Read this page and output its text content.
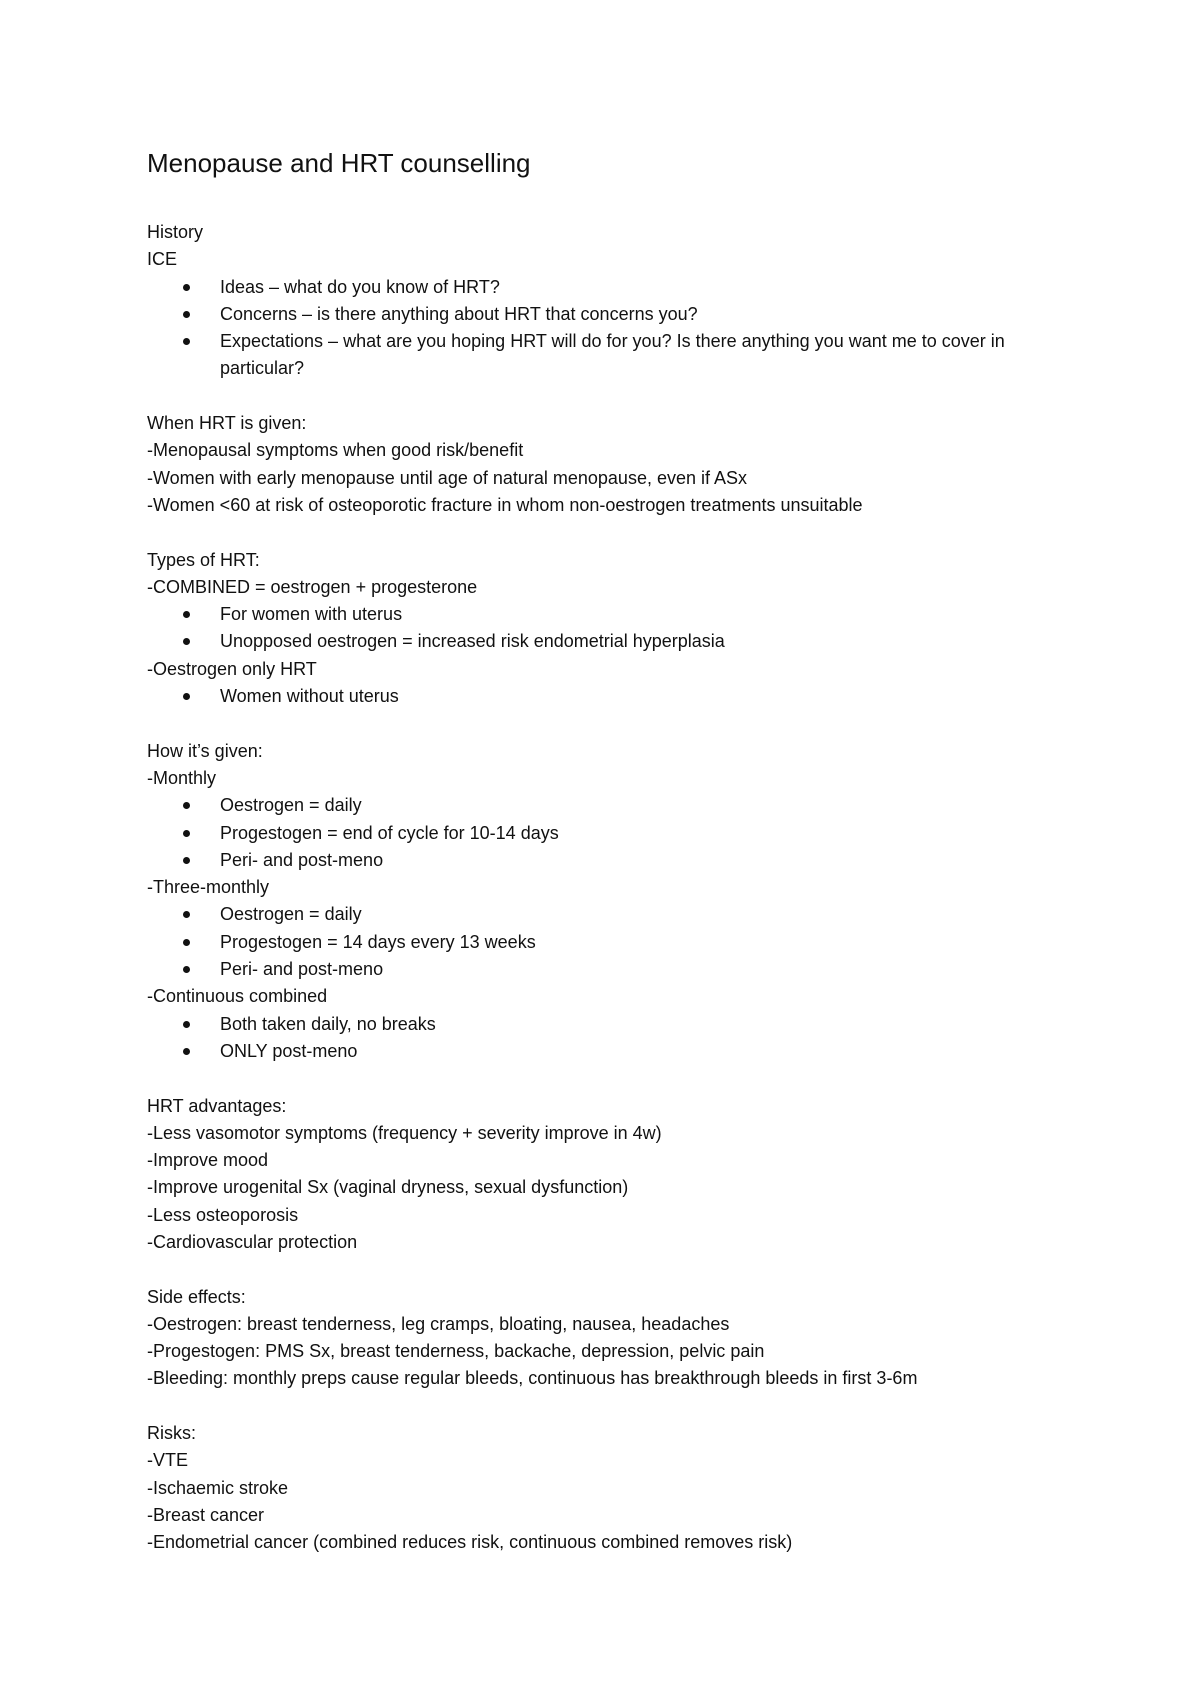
Menopause and HRT counselling
History
ICE
Ideas – what do you know of HRT?
Concerns – is there anything about HRT that concerns you?
Expectations – what are you hoping HRT will do for you? Is there anything you want me to cover in particular?
When HRT is given:
-Menopausal symptoms when good risk/benefit
-Women with early menopause until age of natural menopause, even if ASx
-Women <60 at risk of osteoporotic fracture in whom non-oestrogen treatments unsuitable
Types of HRT:
-COMBINED = oestrogen + progesterone
For women with uterus
Unopposed oestrogen = increased risk endometrial hyperplasia
-Oestrogen only HRT
Women without uterus
How it’s given:
-Monthly
Oestrogen = daily
Progestogen = end of cycle for 10-14 days
Peri- and post-meno
-Three-monthly
Oestrogen = daily
Progestogen = 14 days every 13 weeks
Peri- and post-meno
-Continuous combined
Both taken daily, no breaks
ONLY post-meno
HRT advantages:
-Less vasomotor symptoms (frequency + severity improve in 4w)
-Improve mood
-Improve urogenital Sx (vaginal dryness, sexual dysfunction)
-Less osteoporosis
-Cardiovascular protection
Side effects:
-Oestrogen: breast tenderness, leg cramps, bloating, nausea, headaches
-Progestogen: PMS Sx, breast tenderness, backache, depression, pelvic pain
-Bleeding: monthly preps cause regular bleeds, continuous has breakthrough bleeds in first 3-6m
Risks:
-VTE
-Ischaemic stroke
-Breast cancer
-Endometrial cancer (combined reduces risk, continuous combined removes risk)
